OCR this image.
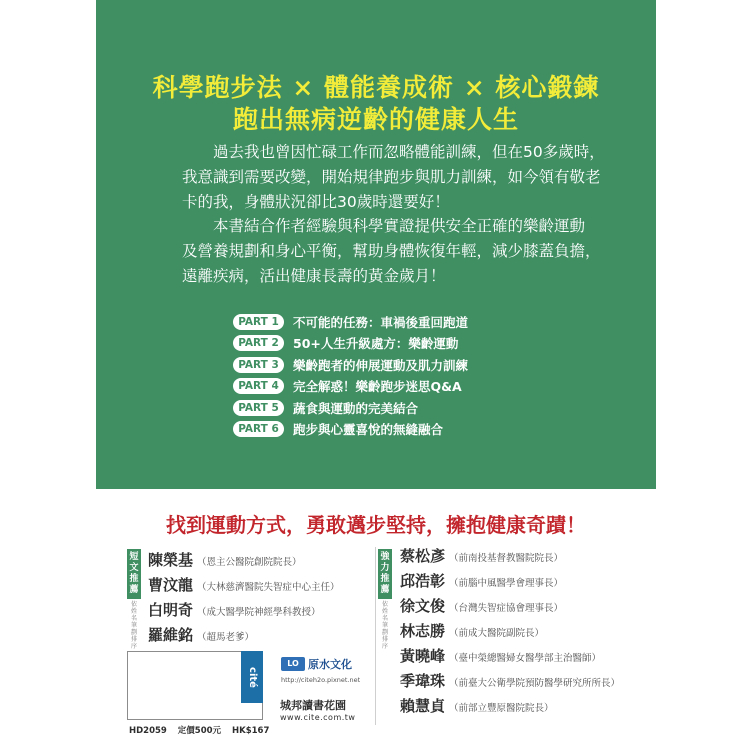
科學跑步法 × 體能養成術 × 核心鍛鍊
跑出無病逆齡的健康人生
　　過去我也曾因忙碌工作而忽略體能訓練，但在50多歲時，
我意識到需要改變，開始規律跑步與肌力訓練，如今領有敬老
卡的我，身體狀況卻比30歲時還要好！
　　本書結合作者經驗與科學實證提供安全正確的樂齡運動
及營養規劃和身心平衡，幫助身體恢復年輕，減少膝蓋負擔，
遠離疾病，活出健康長壽的黃金歲月！
PART 1	不可能的任務：車禍後重回跑道
PART 2	50+人生升級處方：樂齡運動
PART 3	樂齡跑者的伸展運動及肌力訓練
PART 4	完全解惑！樂齡跑步迷思Q&A
PART 5	蔬食與運動的完美結合
PART 6	跑步與心靈喜悅的無縫融合
找到運動方式，勇敢邁步堅持，擁抱健康奇蹟！
短
文
推
薦
依
姓
名
筆
劃
排
序
陳榮基 （恩主公醫院創院院長）
曹汶龍 （大林慈濟醫院失智症中心主任）
白明奇 （成大醫學院神經學科教授）
羅維銘 （超馬老爹）
強
力
推
薦
依
姓
名
筆
劃
排
序
蔡松彥 （前南投基督教醫院院長）
邱浩彰 （前腦中風醫學會理事長）
徐文俊 （台灣失智症協會理事長）
林志勝 （前成大醫院副院長）
黃曉峰 （臺中榮總醫婦女醫學部主治醫師）
季瑋珠 （前臺大公衛學院預防醫學研究所所長）
賴慧貞 （前部立豐原醫院院長）
cité
HD2059 定價500元 HK$167
LO 原水文化
http://citeh2o.pixnet.net
城邦讀書花園
www.cite.com.tw
